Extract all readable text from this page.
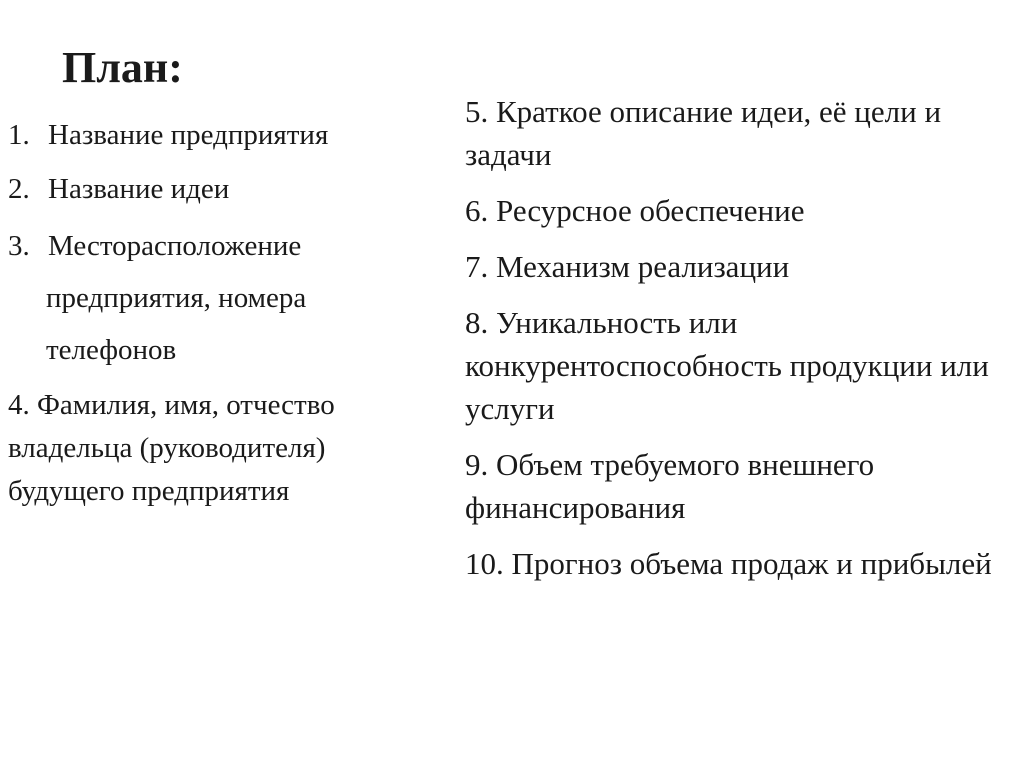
План:
1. Название предприятия
2. Название идеи
3. Месторасположение
предприятия, номера
телефонов
4. Фамилия, имя, отчество владельца (руководителя) будущего предприятия
5. Краткое описание идеи, её цели и задачи
6. Ресурсное обеспечение
7. Механизм реализации
8. Уникальность или конкурентоспособность продукции или услуги
9. Объем требуемого внешнего финансирования
10. Прогноз объема продаж и прибылей
